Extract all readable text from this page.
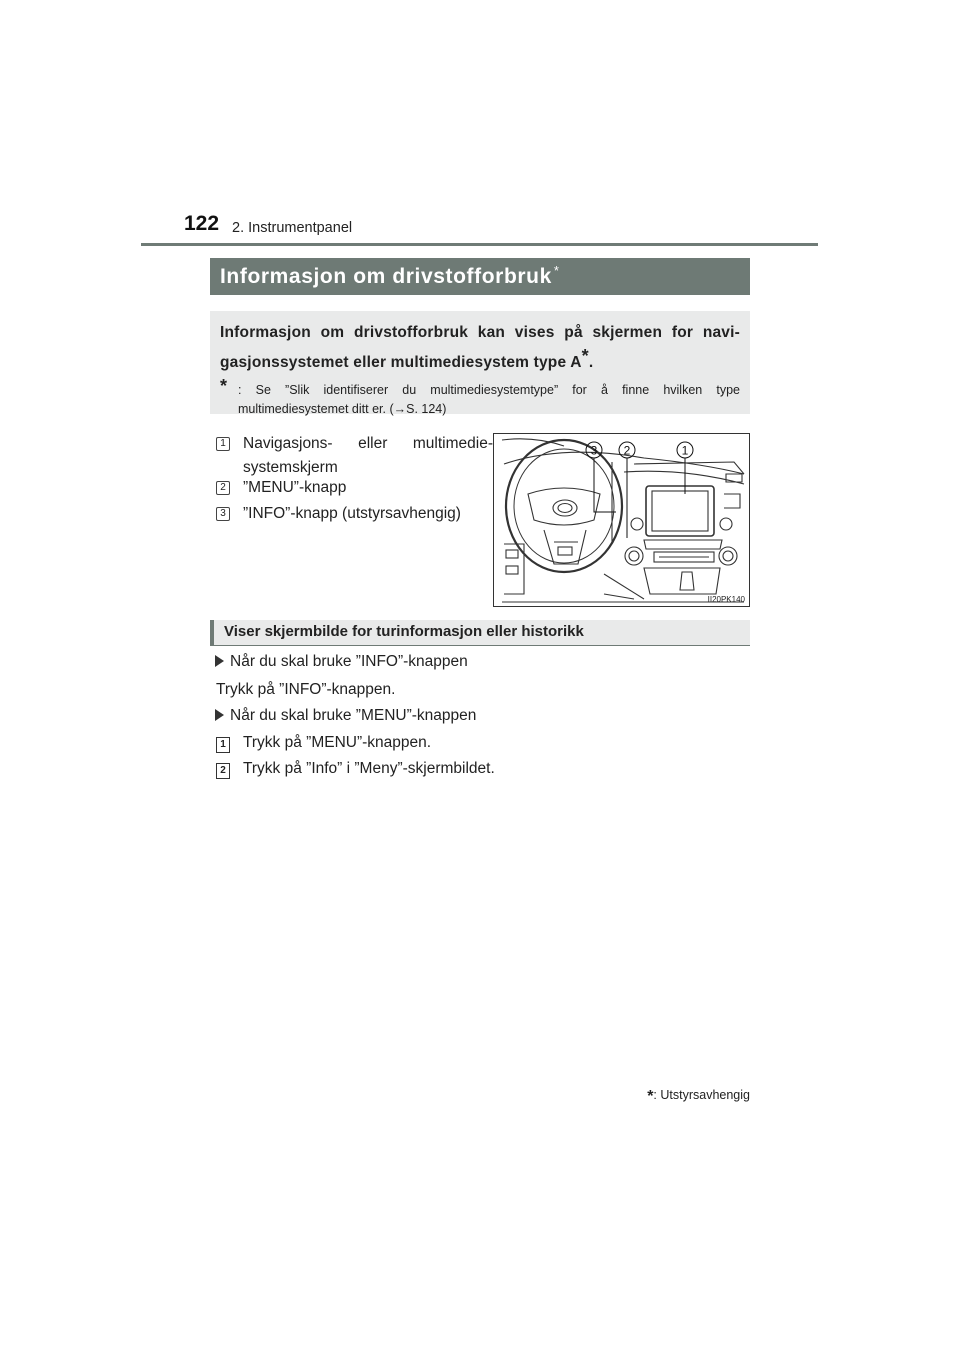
122 2. Instrumentpanel
Informasjon om drivstofforbruk *
Informasjon om drivstofforbruk kan vises på skjermen for navi-gasjonssystemet eller multimediesystem type A*.
* : Se ”Slik identifiserer du multimediesystemtype” for å finne hvilken type multimediesystemet ditt er. (→S. 124)
1 Navigasjons- eller multimedie-systemskjerm
2 ”MENU”-knapp
3 ”INFO”-knapp (utstyrsavhengig)
3 2	1
II20PK140
Viser skjermbilde for turinformasjon eller historikk
Når du skal bruke ”INFO”-knappen
Trykk på ”INFO”-knappen.
Når du skal bruke ”MENU”-knappen
1 Trykk på ”MENU”-knappen.
2 Trykk på ”Info” i ”Meny”-skjermbildet.
*: Utstyrsavhengig
